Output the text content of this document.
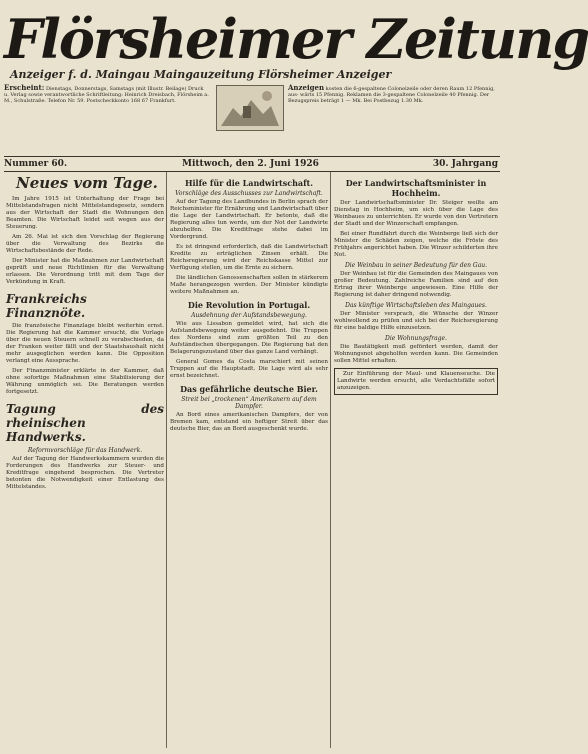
Flörsheimer Zeitung
Anzeiger f. d. Maingau Maingauzeitung Flörsheimer Anzeiger
Erscheint: Dienstags, Donnerstags, Samstags (mit Illustr. Beilage) Druck u. Verlag sowie verantwortliche Schriftleitung: Heinrich Dreisbach, Flörsheim a. M., Schulstraße. Telefon Nr. 59. Postscheckkonto 168 67 Frankfurt.
Anzeigen kosten die 6-gespaltene Colonelzeile oder deren Raum 12 Pfennig, aus- wärts 15 Pfennig. Reklamen die 3-gespaltene Colonelzeile 40 Pfennig. Der Bezugspreis beträgt 1 — Mk. Bei Postbezug 1.30 Mk.
Nummer 60.	Mittwoch, den 2. Juni 1926	30. Jahrgang
Neues vom Tage.

Im Jahre 1915 ist Unterhaltung der Frage bei Mittelstandsfragen nicht Mittelstandsgesetz, sondern aus der Wirtschaft der Stadt die Wohnungen den Beamten. Die Wirtschaft leidet seit wegen aus der Steuerung.

Am 26. Mai ist sich den Vorschlag der Regierung über die Verwaltung des Bezirks die Wirtschaftsbestände der Rede.

Der Minister hat die Maßnahmen zur Landwirtschaft geprüft und neue Richtlinien für die Verwaltung erlassen. Die Verordnung tritt mit dem Tage der Verkündung in Kraft.

Frankreichs Finanznöte.

Die französische Finanzlage bleibt weiterhin ernst. Die Regierung hat die Kammer ersucht, die Vorlage über die neuen Steuern schnell zu verabschieden, da der Franken weiter fällt und der Staatshaushalt nicht mehr ausgeglichen werden kann. Die Opposition verlangt eine Aussprache.

Der Finanzminister erklärte in der Kammer, daß ohne sofortige Maßnahmen eine Stabilisierung der Währung unmöglich sei. Die Beratungen werden fortgesetzt.

Tagung des rheinischen Handwerks.
Reformvorschläge für das Handwerk.

Auf der Tagung der Handwerkskammern wurden die Forderungen des Handwerks zur Steuer- und Kreditfrage eingehend besprochen. Die Vertreter betonten die Notwendigkeit einer Entlastung des Mittelstandes.

Hilfe für die Landwirtschaft.
Vorschläge des Ausschusses zur Landwirtschaft.

Auf der Tagung des Landbundes in Berlin sprach der Reichsminister für Ernährung und Landwirtschaft über die Lage der Landwirtschaft. Er betonte, daß die Regierung alles tun werde, um der Not der Landwirte abzuhelfen. Die Kreditfrage stehe dabei im Vordergrund.

Es ist dringend erforderlich, daß die Landwirtschaft Kredite zu erträglichen Zinsen erhält. Die Reichsregierung wird der Reichskasse Mittel zur Verfügung stellen, um die Ernte zu sichern.

Die ländlichen Genossenschaften sollen in stärkerem Maße herangezogen werden. Der Minister kündigte weitere Maßnahmen an.

Die Revolution in Portugal.
Ausdehnung der Aufstandsbewegung.

Wie aus Lissabon gemeldet wird, hat sich die Aufstandsbewegung weiter ausgedehnt. Die Truppen des Nordens sind zum größten Teil zu den Aufständischen übergegangen. Die Regierung hat den Belagerungszustand über das ganze Land verhängt.

General Gomes da Costa marschiert mit seinen Truppen auf die Hauptstadt. Die Lage wird als sehr ernst bezeichnet.

Das gefährliche deutsche Bier.
Streit bei „trockenen“ Amerikanern auf dem Dampfer.

An Bord eines amerikanischen Dampfers, der von Bremen kam, entstand ein heftiger Streit über das deutsche Bier, das an Bord ausgeschenkt wurde.

Der Landwirtschaftsminister in Hochheim.

Der Landwirtschaftsminister Dr. Steiger weilte am Dienstag in Hochheim, um sich über die Lage des Weinbaues zu unterrichten. Er wurde von den Vertretern der Stadt und der Winzerschaft empfangen.

Bei einer Rundfahrt durch die Weinberge ließ sich der Minister die Schäden zeigen, welche die Fröste des Frühjahrs angerichtet haben. Die Winzer schilderten ihre Not.

Die Weinbau in seiner Bedeutung für den Gau.

Der Weinbau ist für die Gemeinden des Maingaues von großer Bedeutung. Zahlreiche Familien sind auf den Ertrag ihrer Weinberge angewiesen. Eine Hilfe der Regierung ist daher dringend notwendig.

Das künftige Wirtschaftsleben des Maingaues.

Der Minister versprach, die Wünsche der Winzer wohlwollend zu prüfen und sich bei der Reichsregierung für eine baldige Hilfe einzusetzen.

Die Wohnungsfrage.

Die Bautätigkeit muß gefördert werden, damit der Wohnungsnot abgeholfen werden kann. Die Gemeinden sollen Mittel erhalten.

Zur Einführung der Maul- und Klauenseuche. Die Landwirte werden ersucht, alle Verdachtsfälle sofort anzuzeigen.
